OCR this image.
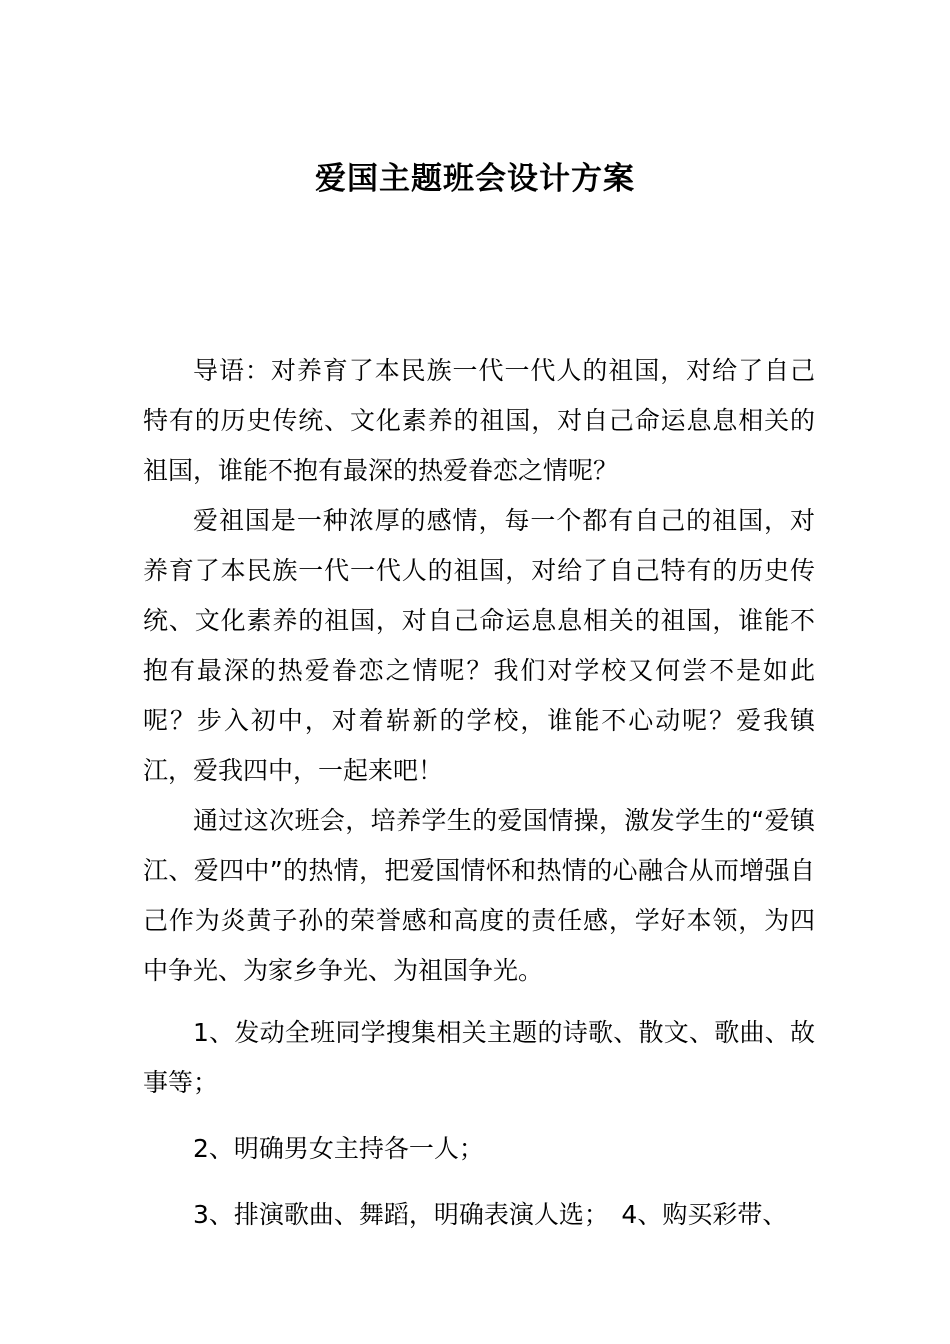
爱国主题班会设计方案

导语：对养育了本民族一代一代人的祖国，对给了自己特有的历史传统、文化素养的祖国，对自己命运息息相关的祖国，谁能不抱有最深的热爱眷恋之情呢？

爱祖国是一种浓厚的感情，每一个都有自己的祖国，对养育了本民族一代一代人的祖国，对给了自己特有的历史传统、文化素养的祖国，对自己命运息息相关的祖国，谁能不抱有最深的热爱眷恋之情呢？我们对学校又何尝不是如此呢？步入初中，对着崭新的学校，谁能不心动呢？爱我镇江，爱我四中，一起来吧！

通过这次班会，培养学生的爱国情操，激发学生的“爱镇江、爱四中”的热情，把爱国情怀和热情的心融合从而增强自己作为炎黄子孙的荣誉感和高度的责任感，学好本领，为四中争光、为家乡争光、为祖国争光。

1、发动全班同学搜集相关主题的诗歌、散文、歌曲、故事等；

2、明确男女主持各一人；

3、排演歌曲、舞蹈，明确表演人选；　4、购买彩带、
